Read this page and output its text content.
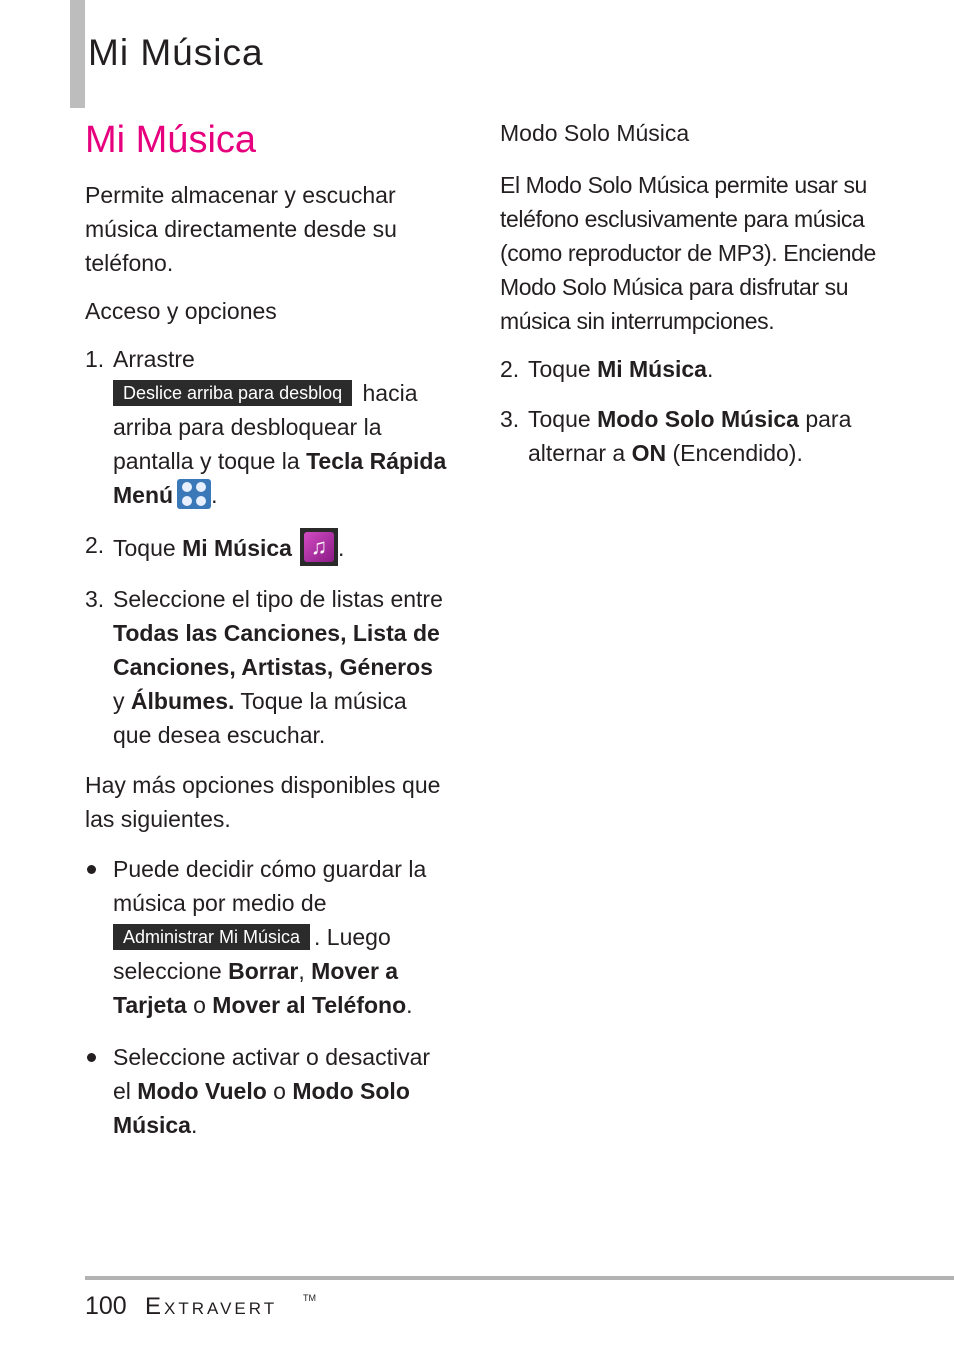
Mi Música
Mi Música

Permite almacenar y escuchar música directamente desde su teléfono.

Acceso y opciones
1. Arrastre
Deslice arriba para desbloq hacia arriba para desbloquear la pantalla y toque la Tecla Rápida Menú .
2. Toque Mi Música ♫ .
3. Seleccione el tipo de listas entre Todas las Canciones, Lista de Canciones, Artistas, Géneros y Álbumes. Toque la música que desea escuchar.

Hay más opciones disponibles que las siguientes.

Puede decidir cómo guardar la música por medio de
Administrar Mi Música . Luego seleccione Borrar, Mover a Tarjeta o Mover al Teléfono.
Seleccione activar o desactivar el Modo Vuelo o Modo Solo Música.
Modo Solo Música

El Modo Solo Música permite usar su teléfono esclusivamente para música (como reproductor de MP3). Enciende Modo Solo Música para disfrutar su música sin interrumpciones.

2. Toque Mi Música.
3. Toque Modo Solo Música para alternar a ON (Encendido).
100 Extravert	TM
